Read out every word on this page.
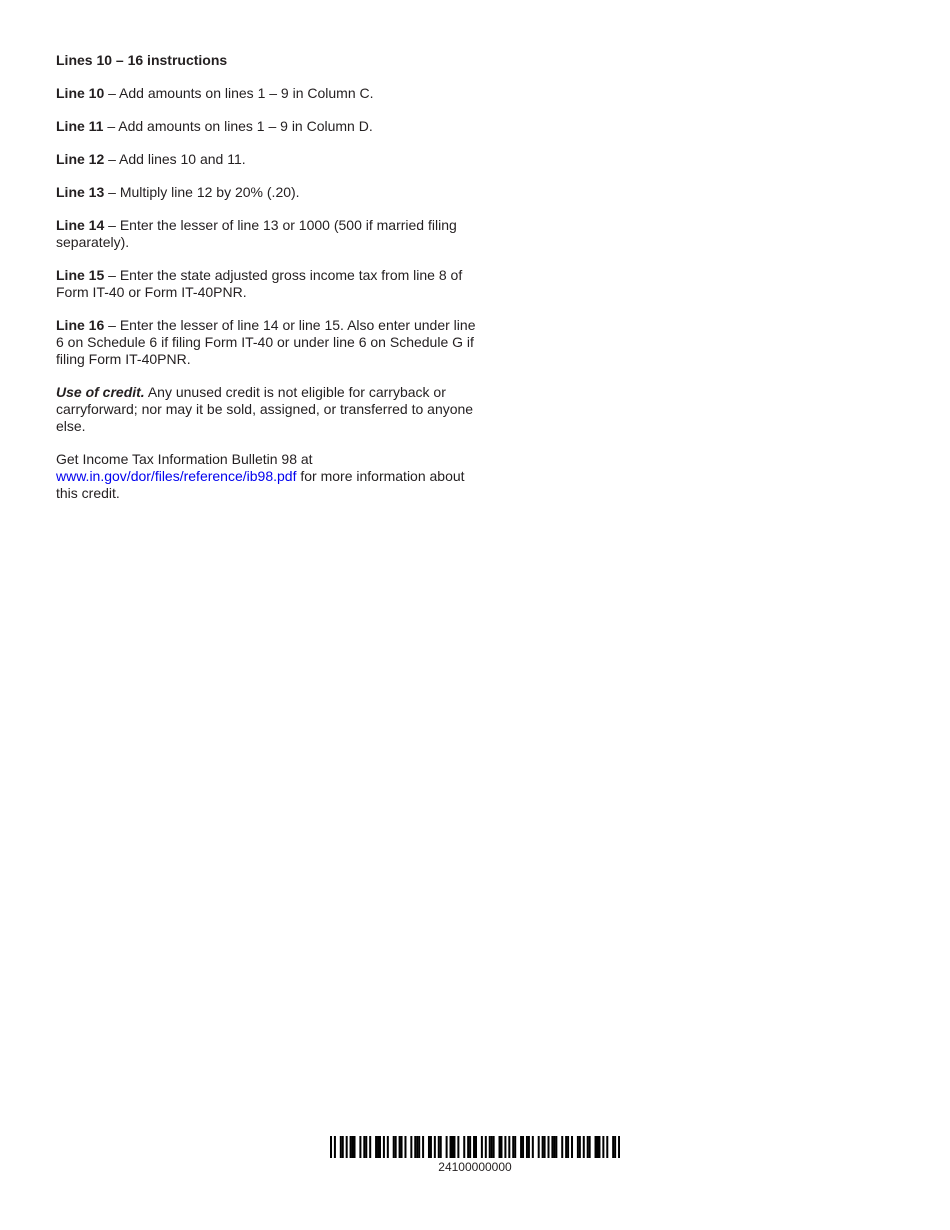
Lines 10 – 16 instructions

Line 10 – Add amounts on lines 1 – 9 in Column C.

Line 11 – Add amounts on lines 1 – 9 in Column D.

Line 12 – Add lines 10 and 11.

Line 13 – Multiply line 12 by 20% (.20).

Line 14 – Enter the lesser of line 13 or 1000 (500 if married filing separately).

Line 15 – Enter the state adjusted gross income tax from line 8 of Form IT-40 or Form IT-40PNR.

Line 16 – Enter the lesser of line 14 or line 15. Also enter under line 6 on Schedule 6 if filing Form IT-40 or under line 6 on Schedule G if filing Form IT-40PNR.

Use of credit. Any unused credit is not eligible for carryback or carryforward; nor may it be sold, assigned, or transferred to anyone else.

Get Income Tax Information Bulletin 98 at www.in.gov/dor/files/reference/ib98.pdf for more information about this credit.

24100000000
